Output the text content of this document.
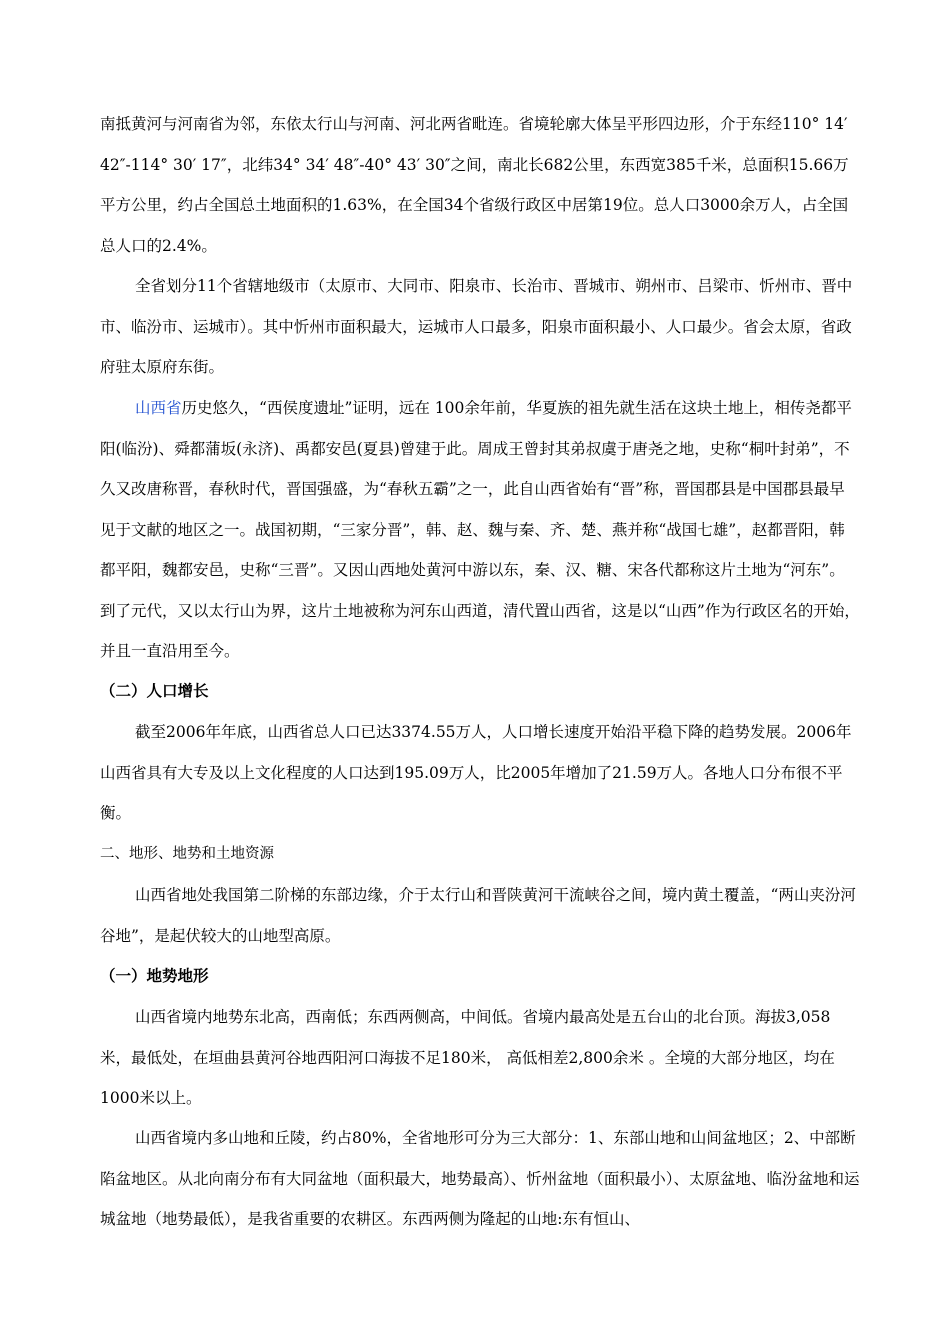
南抵黄河与河南省为邻，东依太行山与河南、河北两省毗连。省境轮廓大体呈平形四边形，介于东经110° 14′ 42″-114° 30′ 17″，北纬34° 34′ 48″-40° 43′ 30″之间，南北长682公里，东西宽385千米，总面积15.66万平方公里，约占全国总土地面积的1.63%，在全国34个省级行政区中居第19位。总人口3000余万人，占全国总人口的2.4%。

全省划分11个省辖地级市（太原市、大同市、阳泉市、长治市、晋城市、朔州市、吕梁市、忻州市、晋中市、临汾市、运城市）。其中忻州市面积最大，运城市人口最多，阳泉市面积最小、人口最少。省会太原，省政府驻太原府东街。

山西省历史悠久，“西侯度遗址”证明，远在 100余年前，华夏族的祖先就生活在这块土地上，相传尧都平阳(临汾)、舜都蒲坂(永济)、禹都安邑(夏县)曾建于此。周成王曾封其弟叔虞于唐尧之地，史称“桐叶封弟”，不久又改唐称晋，春秋时代，晋国强盛，为“春秋五霸”之一，此自山西省始有“晋”称，晋国郡县是中国郡县最早见于文献的地区之一。战国初期，“三家分晋”，韩、赵、魏与秦、齐、楚、燕并称“战国七雄”，赵都晋阳，韩都平阳，魏都安邑，史称“三晋”。又因山西地处黄河中游以东，秦、汉、糖、宋各代都称这片土地为“河东”。到了元代，又以太行山为界，这片土地被称为河东山西道，清代置山西省，这是以“山西”作为行政区名的开始，并且一直沿用至今。

（二）人口增长

截至2006年年底，山西省总人口已达3374.55万人，人口增长速度开始沿平稳下降的趋势发展。2006年山西省具有大专及以上文化程度的人口达到195.09万人，比2005年增加了21.59万人。各地人口分布很不平衡。

二、地形、地势和土地资源

山西省地处我国第二阶梯的东部边缘，介于太行山和晋陕黄河干流峡谷之间，境内黄土覆盖，“两山夹汾河谷地”，是起伏较大的山地型高原。

（一）地势地形

山西省境内地势东北高，西南低；东西两侧高，中间低。省境内最高处是五台山的北台顶。海拔3,058米，最低处，在垣曲县黄河谷地西阳河口海拔不足180米， 高低相差2,800余米 。全境的大部分地区，均在1000米以上。

山西省境内多山地和丘陵，约占80%，全省地形可分为三大部分：1、东部山地和山间盆地区；2、中部断陷盆地区。从北向南分布有大同盆地（面积最大，地势最高）、忻州盆地（面积最小）、太原盆地、临汾盆地和运城盆地（地势最低），是我省重要的农耕区。东西两侧为隆起的山地:东有恒山、
